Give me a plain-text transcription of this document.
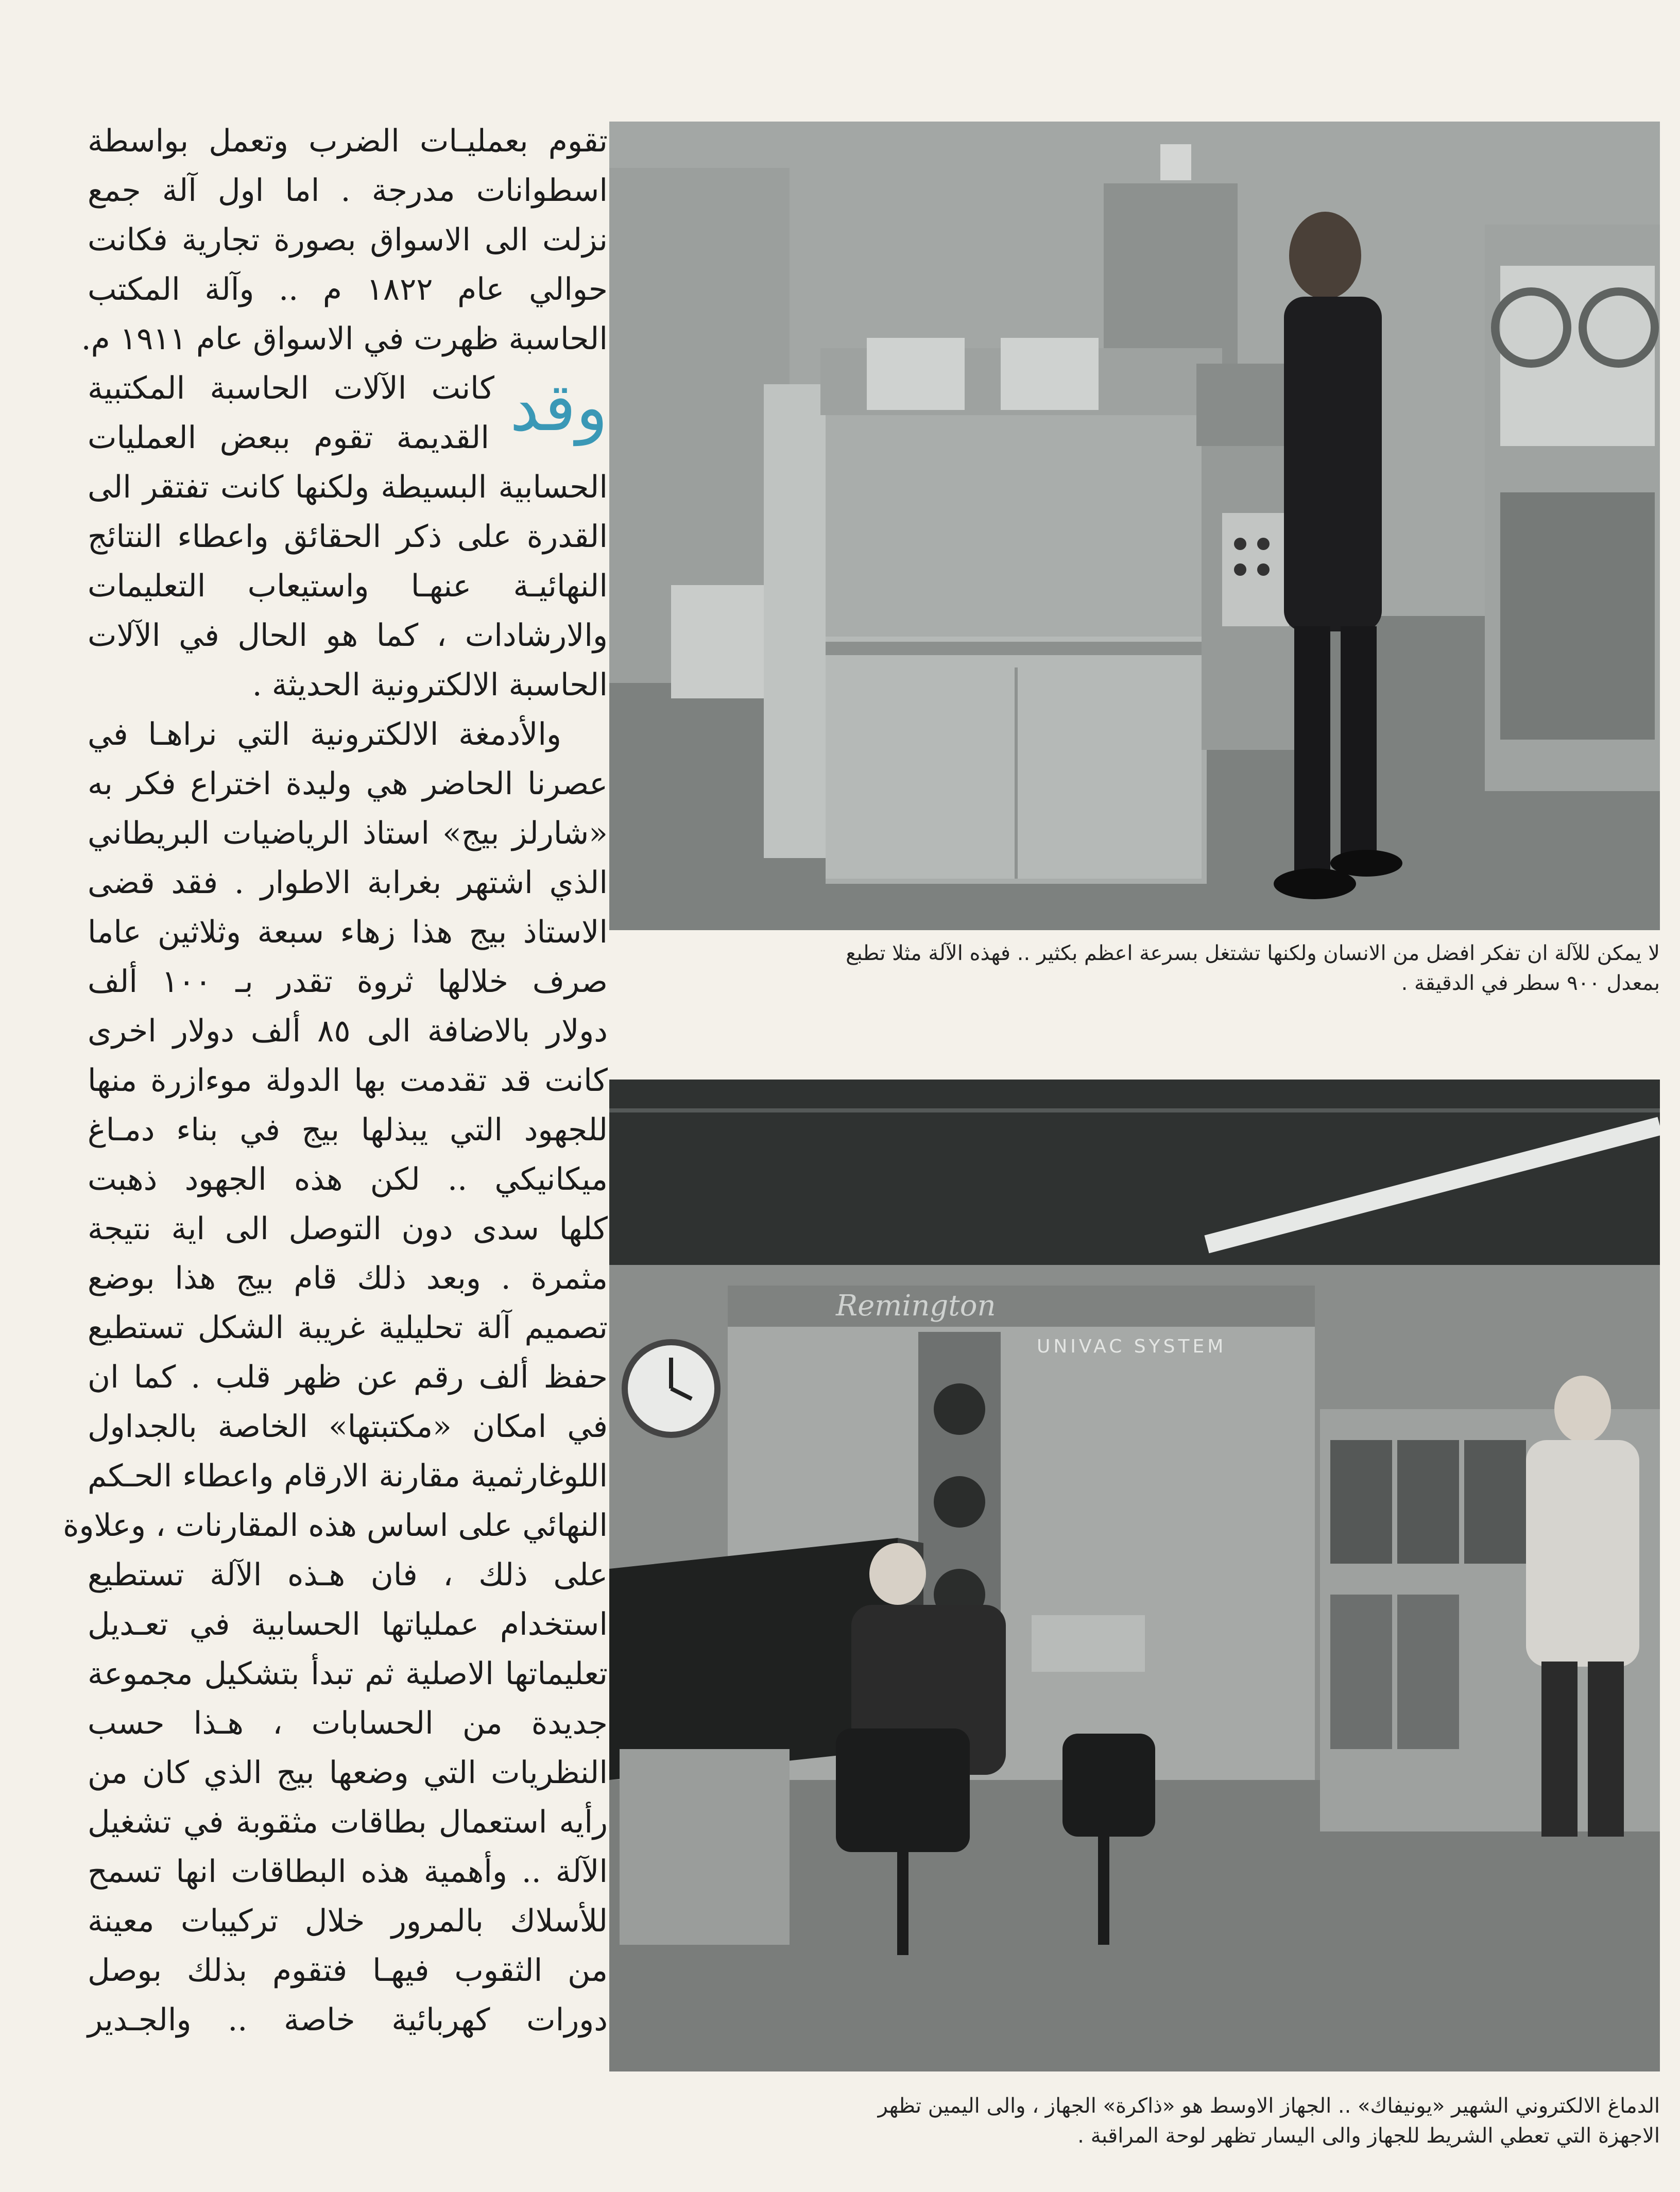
تقوم بعمليـات الضرب وتعمل بواسطة
اسطوانات مدرجة . اما اول آلة جمع
نزلت الى الاسواق بصورة تجارية فكانت
حوالي عام ١٨٢٢ م .. وآلة المكتب
الحاسبة ظهرت في الاسواق عام ١٩١١ م.
وقد
كانت الآلات الحاسبة المكتبية
القديمة تقوم ببعض العمليات
الحسابية البسيطة ولكنها كانت تفتقر الى
القدرة على ذكر الحقائق واعطاء النتائج
النهائيـة عنهـا واستيعاب التعليمات
والارشادات ، كما هو الحال في الآلات
الحاسبة الالكترونية الحديثة .
والأدمغة الالكترونية التي نراهـا في
عصرنا الحاضر هي وليدة اختراع فكر به
«شارلز بيج» استاذ الرياضيات البريطاني
الذي اشتهر بغرابة الاطوار . فقد قضى
الاستاذ بيج هذا زهاء سبعة وثلاثين عاما
صرف خلالها ثروة تقدر بـ ١٠٠ ألف
دولار بالاضافة الى ٨٥ ألف دولار اخرى
كانت قد تقدمت بها الدولة موءازرة منها
للجهود التي يبذلها بيج في بناء دمـاغ
ميكانيكي .. لكن هذه الجهود ذهبت
كلها سدى دون التوصل الى اية نتيجة
مثمرة . وبعد ذلك قام بيج هذا بوضع
تصميم آلة تحليلية غريبة الشكل تستطيع
حفظ ألف رقم عن ظهر قلب . كما ان
في امكان «مكتبتها» الخاصة بالجداول
اللوغارثمية مقارنة الارقام واعطاء الحـكم
النهائي على اساس هذه المقارنات ، وعلاوة
على ذلك ، فان هـذه الآلة تستطيع
استخدام عملياتها الحسابية في تعـديل
تعليماتها الاصلية ثم تبدأ بتشكيل مجموعة
جديدة من الحسابات ، هـذا حسب
النظريات التي وضعها بيج الذي كان من
رأيه استعمال بطاقات مثقوبة في تشغيل
الآلة .. وأهمية هذه البطاقات انها تسمح
للأسلاك بالمرور خلال تركيبات معينة
من الثقوب فيهـا فتقوم بذلك بوصل
دورات كهربائية خاصة .. والجـدير
لا يمكن للآلة ان تفكر افضل من الانسان ولكنها تشتغل بسرعة اعظم بكثير .. فهذه الآلة مثلا تطبع
بمعدل ٩٠٠ سطر في الدقيقة .
Remington
UNIVAC SYSTEM
الدماغ الالكتروني الشهير «يونيفاك» .. الجهاز الاوسط هو «ذاكرة» الجهاز ، والى اليمين تظهر
الاجهزة التي تعطي الشريط للجهاز والى اليسار تظهر لوحة المراقبة .
